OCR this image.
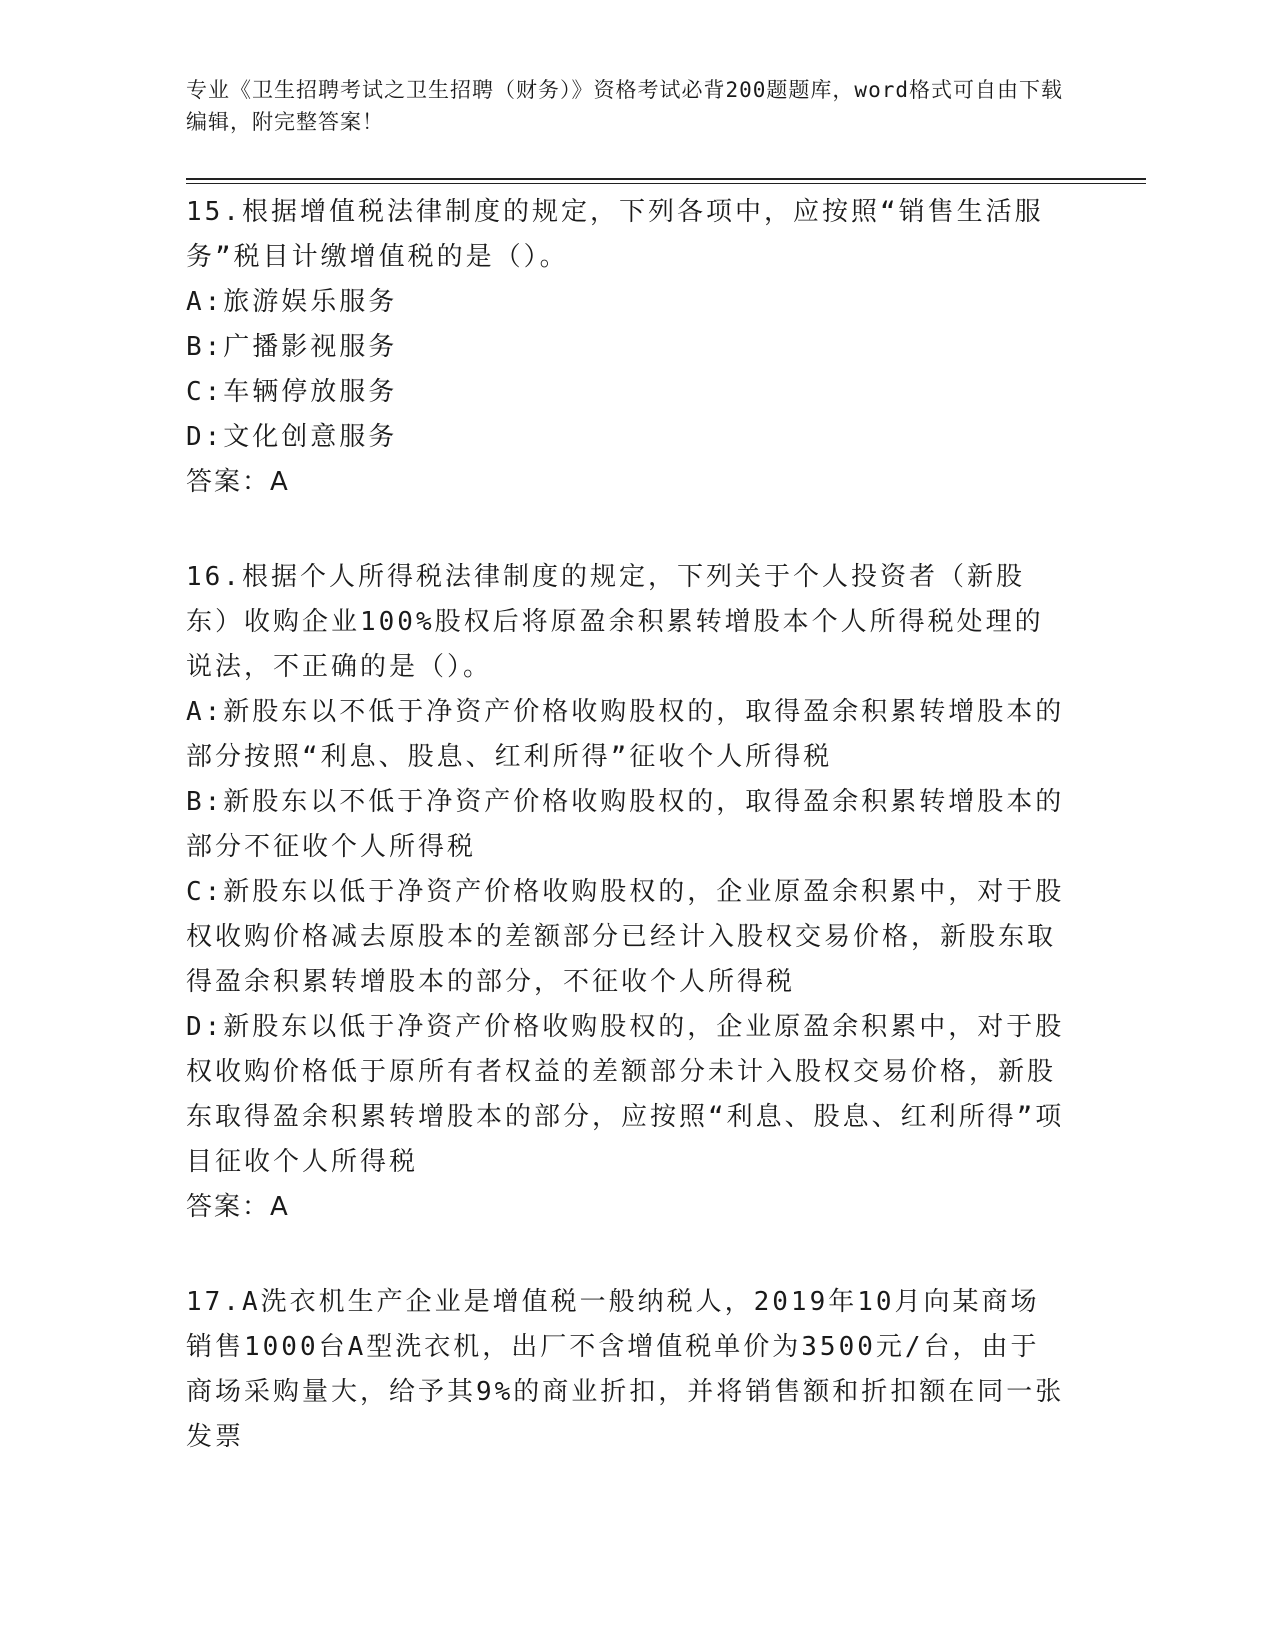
专业《卫生招聘考试之卫生招聘（财务）》资格考试必背200题题库，word格式可自由下载编辑，附完整答案！
15.根据增值税法律制度的规定，下列各项中，应按照“销售生活服务”税目计缴增值税的是（）。
A:旅游娱乐服务
B:广播影视服务
C:车辆停放服务
D:文化创意服务
答案：A
16.根据个人所得税法律制度的规定，下列关于个人投资者（新股东）收购企业100%股权后将原盈余积累转增股本个人所得税处理的说法，不正确的是（）。
A:新股东以不低于净资产价格收购股权的，取得盈余积累转增股本的部分按照“利息、股息、红利所得”征收个人所得税
B:新股东以不低于净资产价格收购股权的，取得盈余积累转增股本的部分不征收个人所得税
C:新股东以低于净资产价格收购股权的，企业原盈余积累中，对于股权收购价格减去原股本的差额部分已经计入股权交易价格，新股东取得盈余积累转增股本的部分，不征收个人所得税
D:新股东以低于净资产价格收购股权的，企业原盈余积累中，对于股权收购价格低于原所有者权益的差额部分未计入股权交易价格，新股东取得盈余积累转增股本的部分，应按照“利息、股息、红利所得”项目征收个人所得税
答案：A
17.A洗衣机生产企业是增值税一般纳税人，2019年10月向某商场销售1000台A型洗衣机，出厂不含增值税单价为3500元/台，由于商场采购量大，给予其9%的商业折扣，并将销售额和折扣额在同一张发票
